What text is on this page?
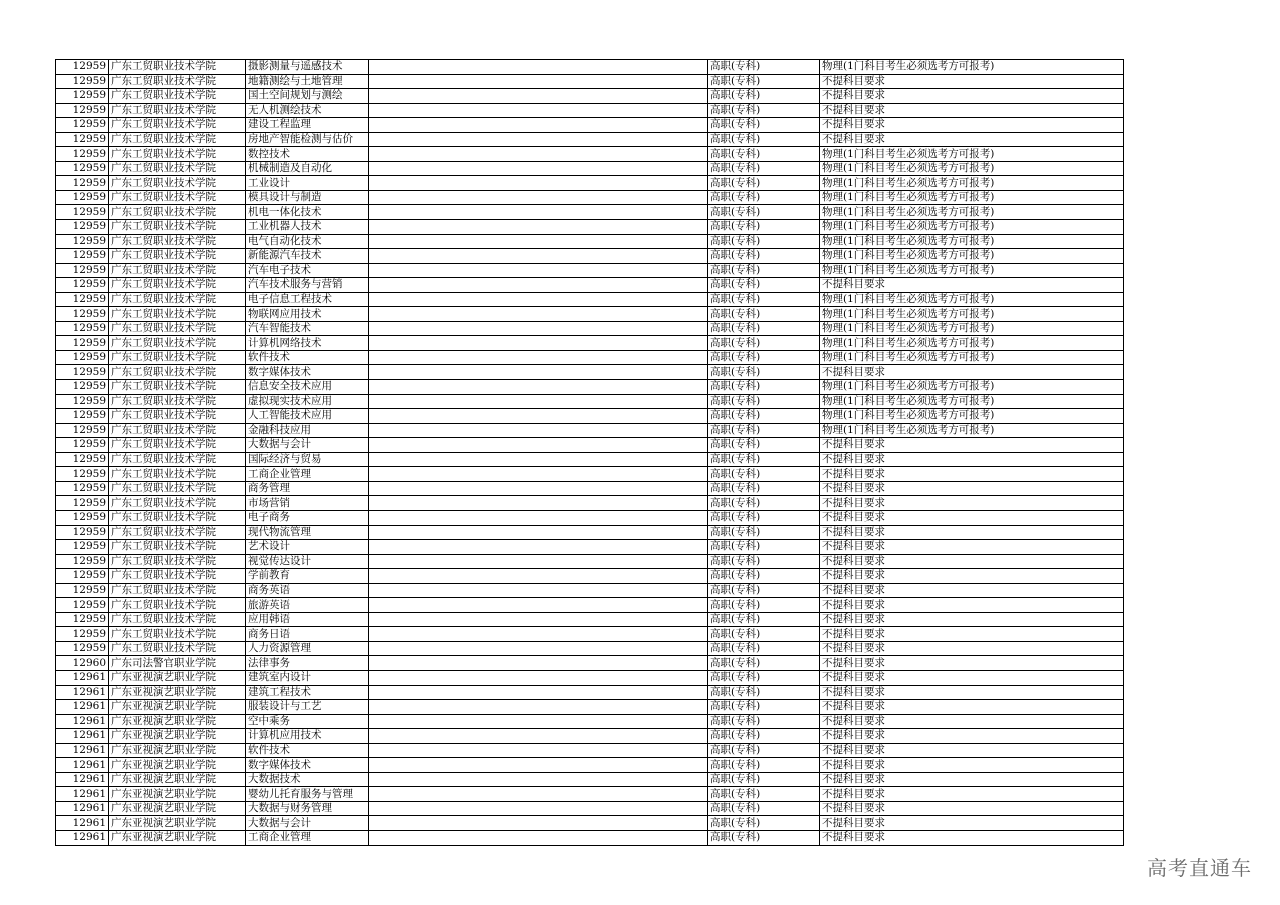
12959	广东工贸职业技术学院	摄影测量与遥感技术		高职(专科)	物理(1门科目考生必须选考方可报考)
12959	广东工贸职业技术学院	地籍测绘与土地管理		高职(专科)	不提科目要求
12959	广东工贸职业技术学院	国土空间规划与测绘		高职(专科)	不提科目要求
12959	广东工贸职业技术学院	无人机测绘技术		高职(专科)	不提科目要求
12959	广东工贸职业技术学院	建设工程监理		高职(专科)	不提科目要求
12959	广东工贸职业技术学院	房地产智能检测与估价		高职(专科)	不提科目要求
12959	广东工贸职业技术学院	数控技术		高职(专科)	物理(1门科目考生必须选考方可报考)
12959	广东工贸职业技术学院	机械制造及自动化		高职(专科)	物理(1门科目考生必须选考方可报考)
12959	广东工贸职业技术学院	工业设计		高职(专科)	物理(1门科目考生必须选考方可报考)
12959	广东工贸职业技术学院	模具设计与制造		高职(专科)	物理(1门科目考生必须选考方可报考)
12959	广东工贸职业技术学院	机电一体化技术		高职(专科)	物理(1门科目考生必须选考方可报考)
12959	广东工贸职业技术学院	工业机器人技术		高职(专科)	物理(1门科目考生必须选考方可报考)
12959	广东工贸职业技术学院	电气自动化技术		高职(专科)	物理(1门科目考生必须选考方可报考)
12959	广东工贸职业技术学院	新能源汽车技术		高职(专科)	物理(1门科目考生必须选考方可报考)
12959	广东工贸职业技术学院	汽车电子技术		高职(专科)	物理(1门科目考生必须选考方可报考)
12959	广东工贸职业技术学院	汽车技术服务与营销		高职(专科)	不提科目要求
12959	广东工贸职业技术学院	电子信息工程技术		高职(专科)	物理(1门科目考生必须选考方可报考)
12959	广东工贸职业技术学院	物联网应用技术		高职(专科)	物理(1门科目考生必须选考方可报考)
12959	广东工贸职业技术学院	汽车智能技术		高职(专科)	物理(1门科目考生必须选考方可报考)
12959	广东工贸职业技术学院	计算机网络技术		高职(专科)	物理(1门科目考生必须选考方可报考)
12959	广东工贸职业技术学院	软件技术		高职(专科)	物理(1门科目考生必须选考方可报考)
12959	广东工贸职业技术学院	数字媒体技术		高职(专科)	不提科目要求
12959	广东工贸职业技术学院	信息安全技术应用		高职(专科)	物理(1门科目考生必须选考方可报考)
12959	广东工贸职业技术学院	虚拟现实技术应用		高职(专科)	物理(1门科目考生必须选考方可报考)
12959	广东工贸职业技术学院	人工智能技术应用		高职(专科)	物理(1门科目考生必须选考方可报考)
12959	广东工贸职业技术学院	金融科技应用		高职(专科)	物理(1门科目考生必须选考方可报考)
12959	广东工贸职业技术学院	大数据与会计		高职(专科)	不提科目要求
12959	广东工贸职业技术学院	国际经济与贸易		高职(专科)	不提科目要求
12959	广东工贸职业技术学院	工商企业管理		高职(专科)	不提科目要求
12959	广东工贸职业技术学院	商务管理		高职(专科)	不提科目要求
12959	广东工贸职业技术学院	市场营销		高职(专科)	不提科目要求
12959	广东工贸职业技术学院	电子商务		高职(专科)	不提科目要求
12959	广东工贸职业技术学院	现代物流管理		高职(专科)	不提科目要求
12959	广东工贸职业技术学院	艺术设计		高职(专科)	不提科目要求
12959	广东工贸职业技术学院	视觉传达设计		高职(专科)	不提科目要求
12959	广东工贸职业技术学院	学前教育		高职(专科)	不提科目要求
12959	广东工贸职业技术学院	商务英语		高职(专科)	不提科目要求
12959	广东工贸职业技术学院	旅游英语		高职(专科)	不提科目要求
12959	广东工贸职业技术学院	应用韩语		高职(专科)	不提科目要求
12959	广东工贸职业技术学院	商务日语		高职(专科)	不提科目要求
12959	广东工贸职业技术学院	人力资源管理		高职(专科)	不提科目要求
12960	广东司法警官职业学院	法律事务		高职(专科)	不提科目要求
12961	广东亚视演艺职业学院	建筑室内设计		高职(专科)	不提科目要求
12961	广东亚视演艺职业学院	建筑工程技术		高职(专科)	不提科目要求
12961	广东亚视演艺职业学院	服装设计与工艺		高职(专科)	不提科目要求
12961	广东亚视演艺职业学院	空中乘务		高职(专科)	不提科目要求
12961	广东亚视演艺职业学院	计算机应用技术		高职(专科)	不提科目要求
12961	广东亚视演艺职业学院	软件技术		高职(专科)	不提科目要求
12961	广东亚视演艺职业学院	数字媒体技术		高职(专科)	不提科目要求
12961	广东亚视演艺职业学院	大数据技术		高职(专科)	不提科目要求
12961	广东亚视演艺职业学院	婴幼儿托育服务与管理		高职(专科)	不提科目要求
12961	广东亚视演艺职业学院	大数据与财务管理		高职(专科)	不提科目要求
12961	广东亚视演艺职业学院	大数据与会计		高职(专科)	不提科目要求
12961	广东亚视演艺职业学院	工商企业管理		高职(专科)	不提科目要求
高考直通车
